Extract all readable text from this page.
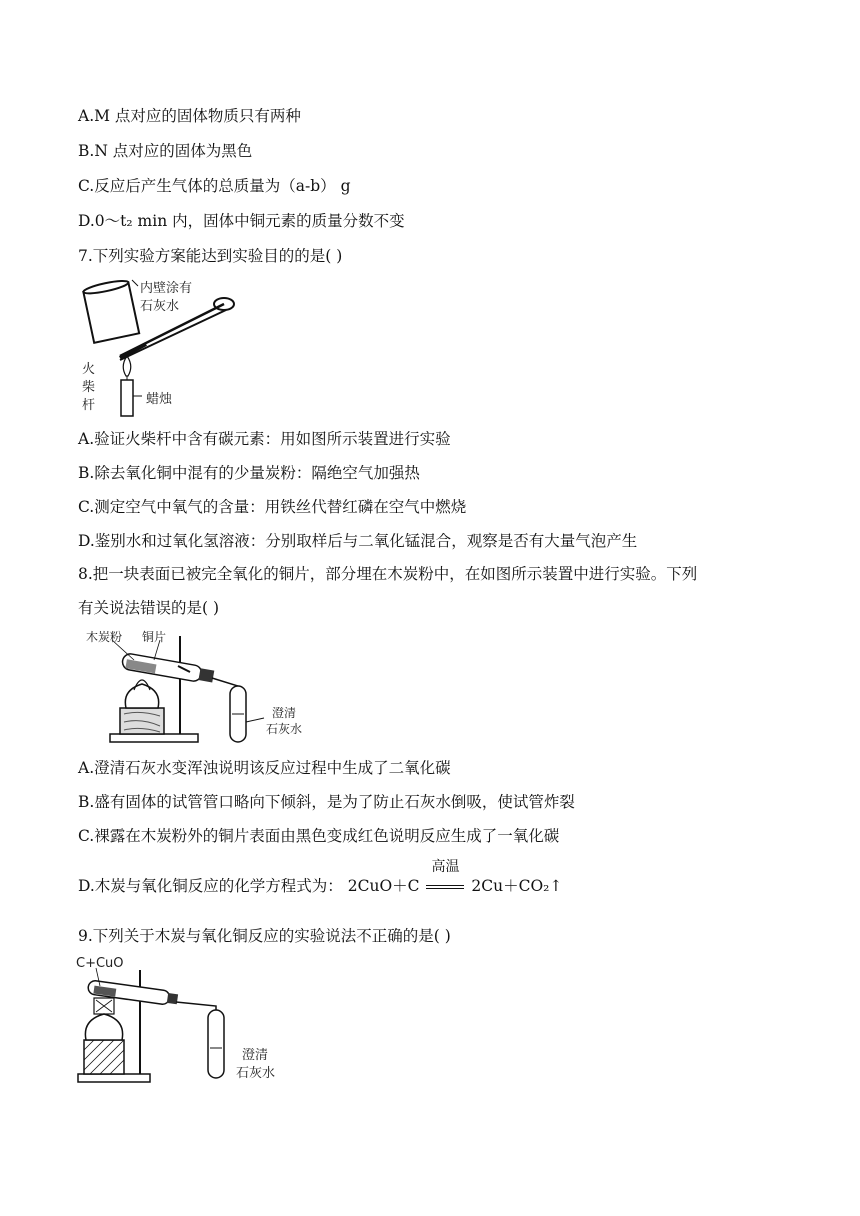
A.M 点对应的固体物质只有两种
B.N 点对应的固体为黑色
C.反应后产生气体的总质量为（a-b） g
D.0～t₂ min 内，固体中铜元素的质量分数不变
7.下列实验方案能达到实验目的的是( )
内壁涂有
石灰水
火
柴
杆	蜡烛
A.验证火柴杆中含有碳元素：用如图所示装置进行实验
B.除去氧化铜中混有的少量炭粉：隔绝空气加强热
C.测定空气中氧气的含量：用铁丝代替红磷在空气中燃烧
D.鉴别水和过氧化氢溶液：分别取样后与二氧化锰混合，观察是否有大量气泡产生
8.把一块表面已被完全氧化的铜片，部分埋在木炭粉中，在如图所示装置中进行实验。下列
有关说法错误的是( )
木炭粉 铜片
澄清
石灰水
A.澄清石灰水变浑浊说明该反应过程中生成了二氧化碳
B.盛有固体的试管管口略向下倾斜，是为了防止石灰水倒吸，使试管炸裂
C.裸露在木炭粉外的铜片表面由黑色变成红色说明反应生成了一氧化碳
D.木炭与氧化铜反应的化学方程式为： 2CuO＋C
高温
2Cu＋CO₂↑
9.下列关于木炭与氧化铜反应的实验说法不正确的是( )
C+CuO
澄清
石灰水
